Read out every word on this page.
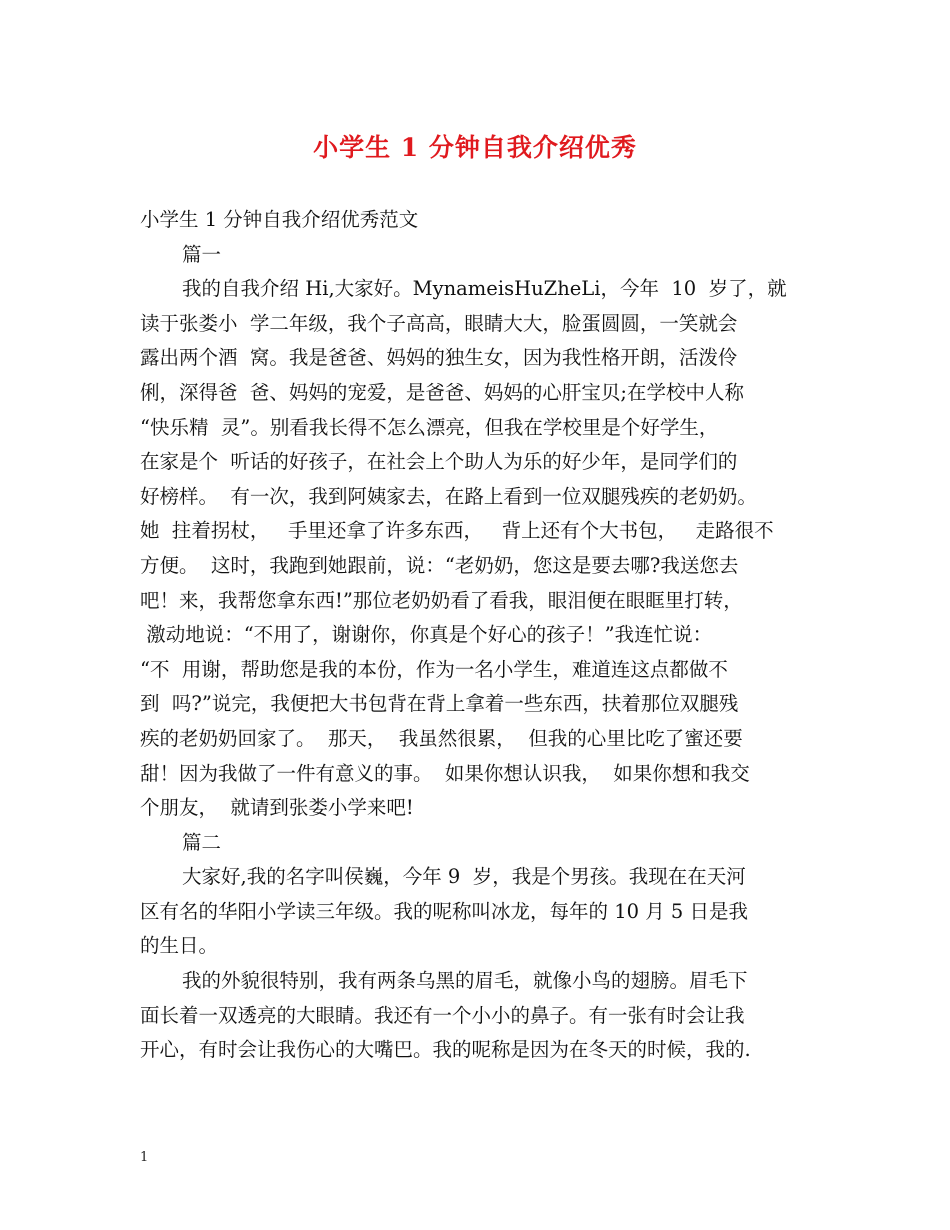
小学生 1 分钟自我介绍优秀
小学生 1 分钟自我介绍优秀范文
篇一
我的自我介绍 Hi,大家好。MynameisHuZheLi，今年  10  岁了，就
读于张娄小  学二年级，我个子高高，眼睛大大，脸蛋圆圆，一笑就会
露出两个酒  窝。我是爸爸、妈妈的独生女，因为我性格开朗，活泼伶
俐，深得爸  爸、妈妈的宠爱，是爸爸、妈妈的心肝宝贝;在学校中人称
“快乐精  灵”。别看我长得不怎么漂亮，但我在学校里是个好学生，
在家是个  听话的好孩子，在社会上个助人为乐的好少年，是同学们的
好榜样。  有一次，我到阿姨家去，在路上看到一位双腿残疾的老奶奶。
她  拄着拐杖，   手里还拿了许多东西，   背上还有个大书包，   走路很不
方便。  这时，我跑到她跟前，说：“老奶奶，您这是要去哪?我送您去
吧！来，我帮您拿东西!”那位老奶奶看了看我，眼泪便在眼眶里打转，
激动地说：“不用了，谢谢你，你真是个好心的孩子！”我连忙说：
“不  用谢，帮助您是我的本份，作为一名小学生，难道连这点都做不
到  吗?”说完，我便把大书包背在背上拿着一些东西，扶着那位双腿残
疾的老奶奶回家了。  那天，  我虽然很累，  但我的心里比吃了蜜还要
甜！因为我做了一件有意义的事。  如果你想认识我，  如果你想和我交
个朋友，  就请到张娄小学来吧!
篇二
大家好,我的名字叫侯巍，今年 9  岁，我是个男孩。我现在在天河
区有名的华阳小学读三年级。我的呢称叫冰龙，每年的 10 月 5 日是我
的生日。
我的外貌很特别，我有两条乌黑的眉毛，就像小鸟的翅膀。眉毛下
面长着一双透亮的大眼睛。我还有一个小小的鼻子。有一张有时会让我
开心，有时会让我伤心的大嘴巴。我的呢称是因为在冬天的时候，我的.
1
